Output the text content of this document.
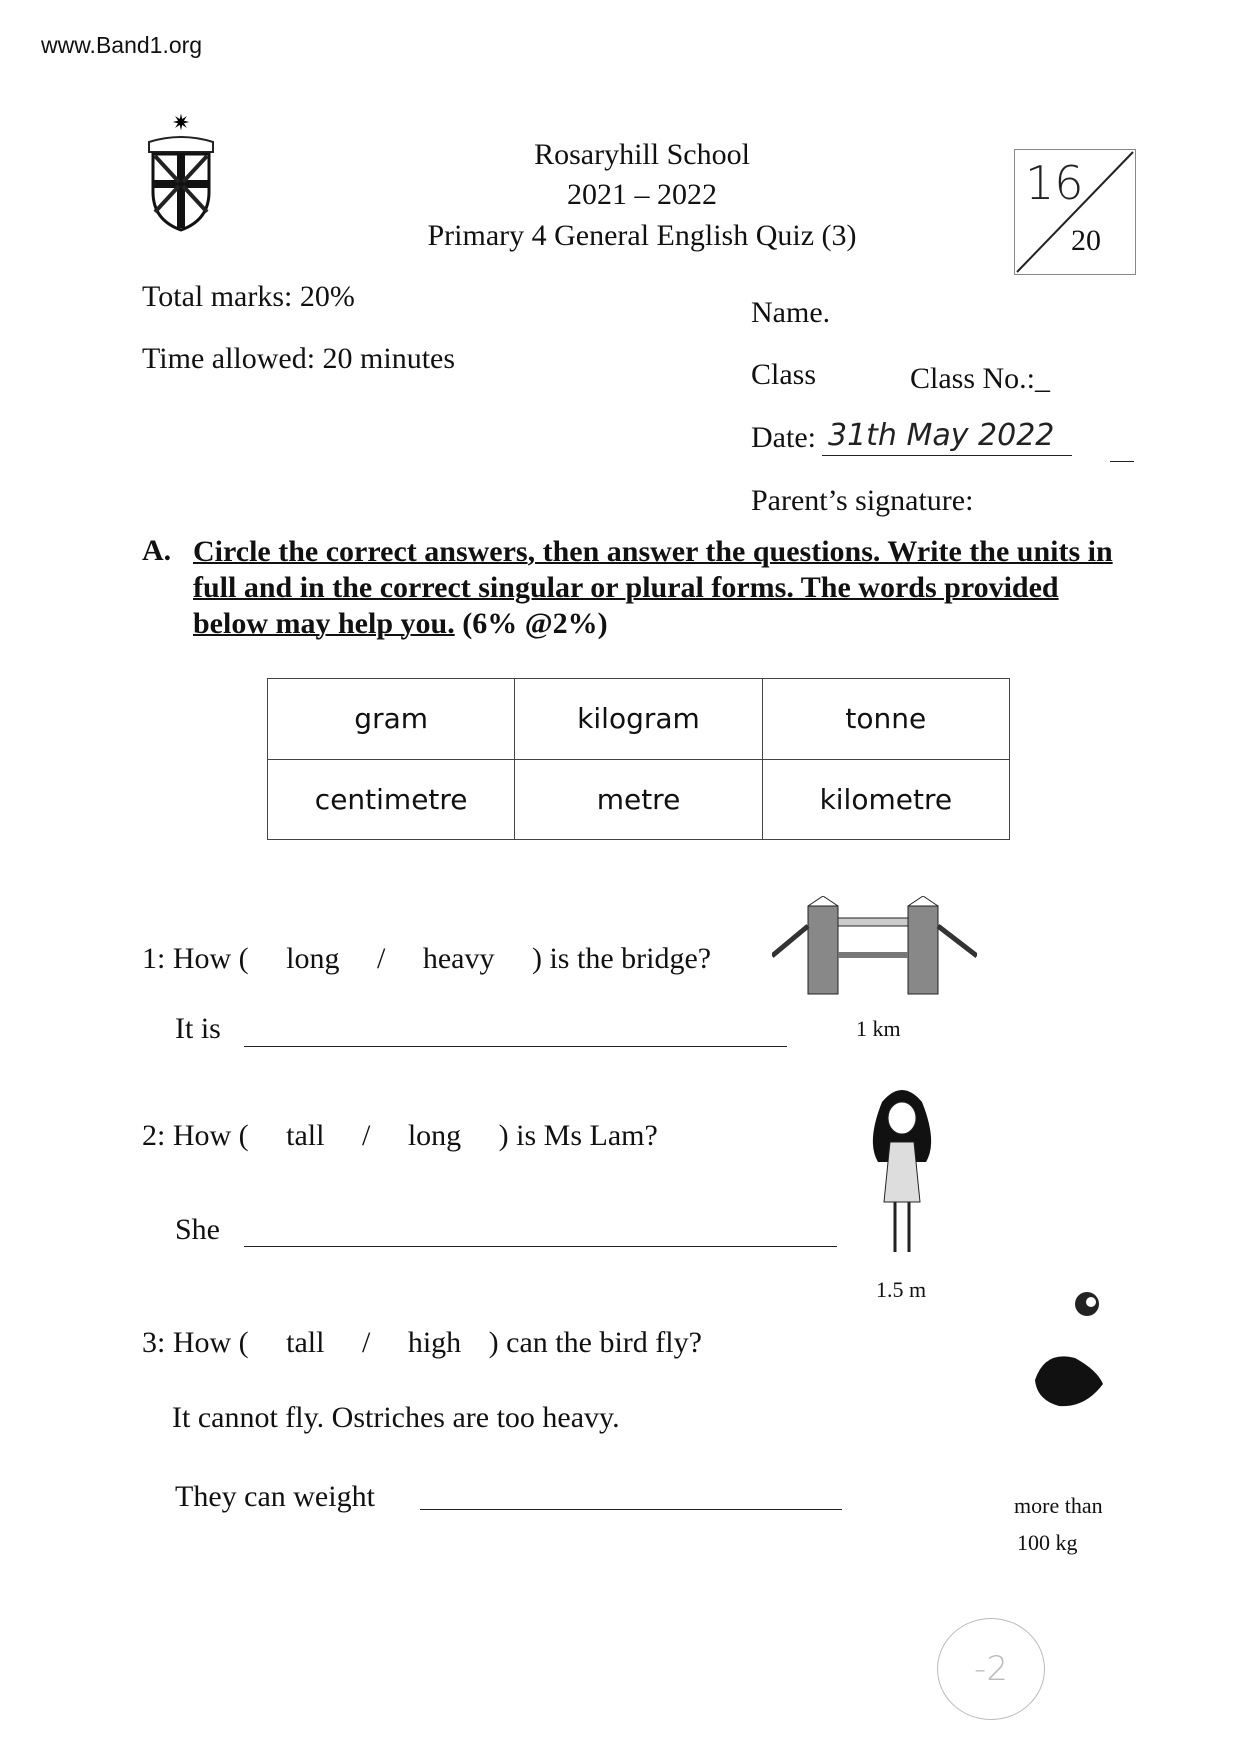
www.Band1.org
✷
Rosaryhill School
2021 – 2022
Primary 4 General English Quiz (3)
16
20
Total marks: 20%
Time allowed: 20 minutes
Name.
Class	Class No.:_
Date: 31th May 2022
Parent’s signature:
A. Circle the correct answers, then answer the questions. Write the units in full and in the correct singular or plural forms. The words provided below may help you. (6% @2%)
gram	kilogram	tonne
centimetre	metre	kilometre
1: How ( long / heavy ) is the bridge?
It is	1 km
2: How ( tall / long ) is Ms Lam?
She
1.5 m
3: How ( tall / high ) can the bird fly?
It cannot fly. Ostriches are too heavy.
They can weight	more than
100 kg
-2
